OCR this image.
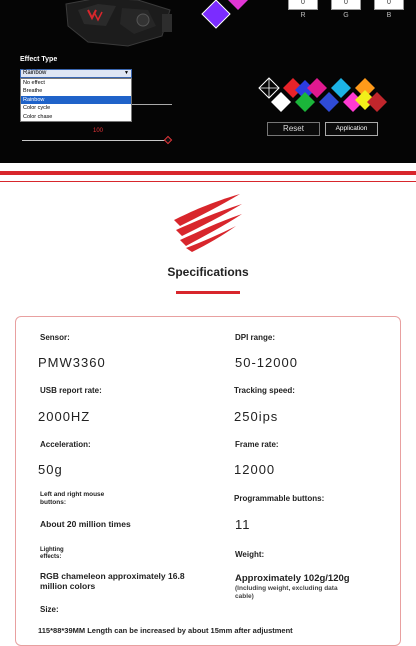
0
R
0
G
0
B
Effect Type
Rainbow	▼
No effect
Breathe
Rainbow
Color cycle
Color chase
100	Reset	Application
Specifications
Sensor:
PMW3360
DPI range:
50-12000
USB report rate:
2000HZ
Tracking speed:
250ips
Acceleration:
50g
Frame rate:
12000
Left and right mouse
buttons:
About 20 million times
Programmable buttons:
11
Lighting
effects:
RGB chameleon approximately 16.8
million colors
Weight:
Approximately 102g/120g
(Including weight, excluding data
cable)
Size:
115*88*39MM Length can be increased by about 15mm after adjustment
